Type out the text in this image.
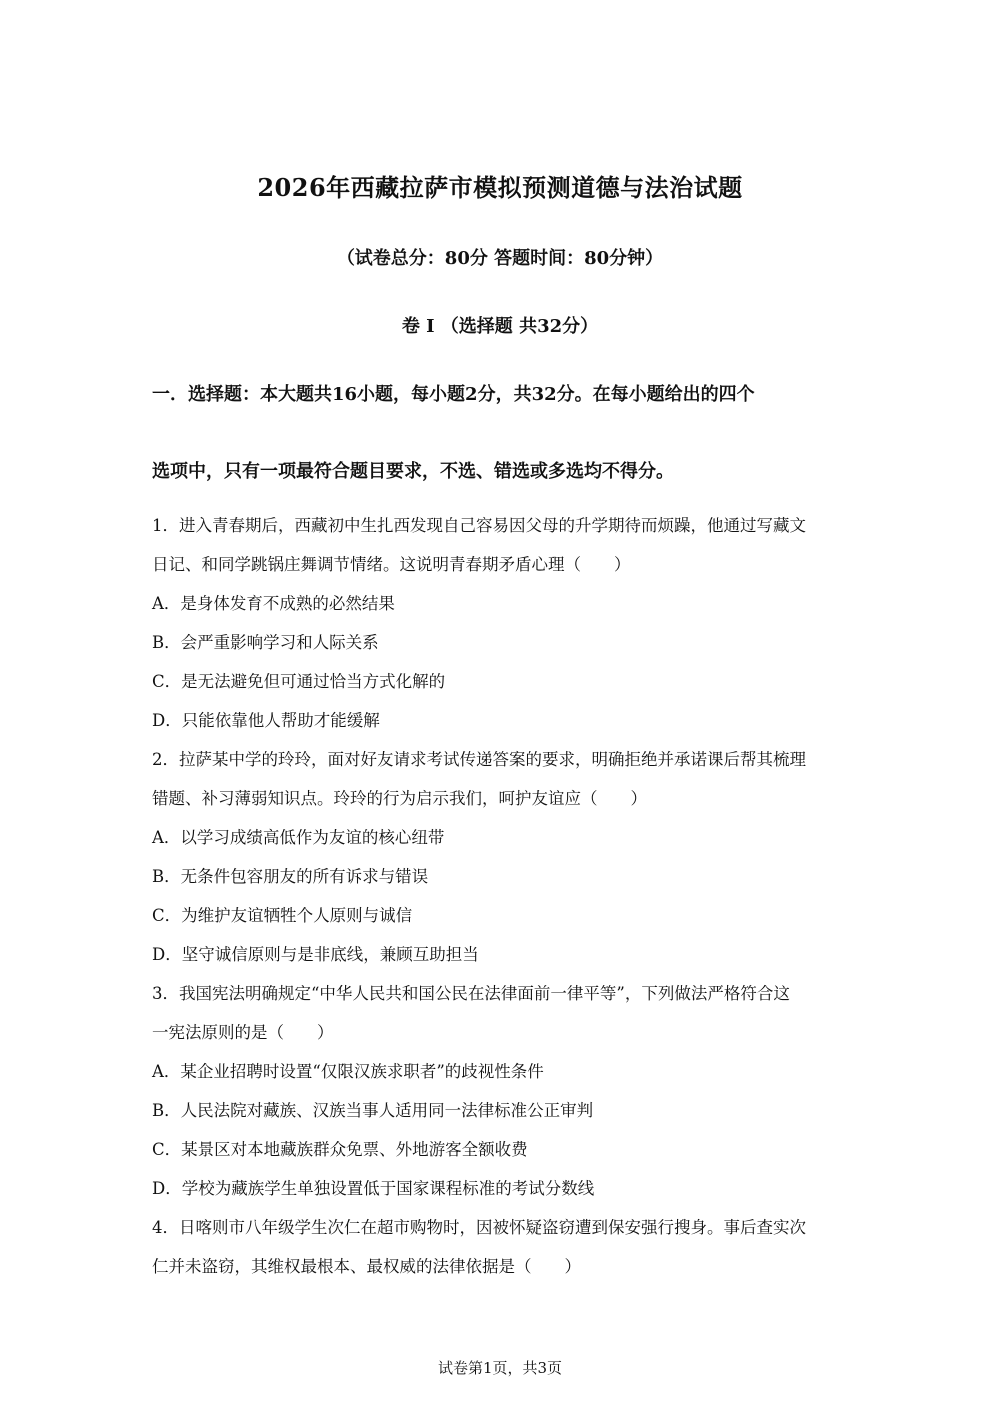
2026年西藏拉萨市模拟预测道德与法治试题
（试卷总分：80分 答题时间：80分钟）
卷 I （选择题 共32分）
一．选择题：本大题共16小题，每小题2分，共32分。在每小题给出的四个
选项中，只有一项最符合题目要求，不选、错选或多选均不得分。
1．进入青春期后，西藏初中生扎西发现自己容易因父母的升学期待而烦躁，他通过写藏文
日记、和同学跳锅庄舞调节情绪。这说明青春期矛盾心理（　　）
A．是身体发育不成熟的必然结果
B．会严重影响学习和人际关系
C．是无法避免但可通过恰当方式化解的
D．只能依靠他人帮助才能缓解
2．拉萨某中学的玲玲，面对好友请求考试传递答案的要求，明确拒绝并承诺课后帮其梳理
错题、补习薄弱知识点。玲玲的行为启示我们，呵护友谊应（　　）
A．以学习成绩高低作为友谊的核心纽带
B．无条件包容朋友的所有诉求与错误
C．为维护友谊牺牲个人原则与诚信
D．坚守诚信原则与是非底线，兼顾互助担当
3．我国宪法明确规定“中华人民共和国公民在法律面前一律平等”，下列做法严格符合这
一宪法原则的是（　　）
A．某企业招聘时设置“仅限汉族求职者”的歧视性条件
B．人民法院对藏族、汉族当事人适用同一法律标准公正审判
C．某景区对本地藏族群众免票、外地游客全额收费
D．学校为藏族学生单独设置低于国家课程标准的考试分数线
4．日喀则市八年级学生次仁在超市购物时，因被怀疑盗窃遭到保安强行搜身。事后查实次
仁并未盗窃，其维权最根本、最权威的法律依据是（　　）
试卷第1页，共3页
